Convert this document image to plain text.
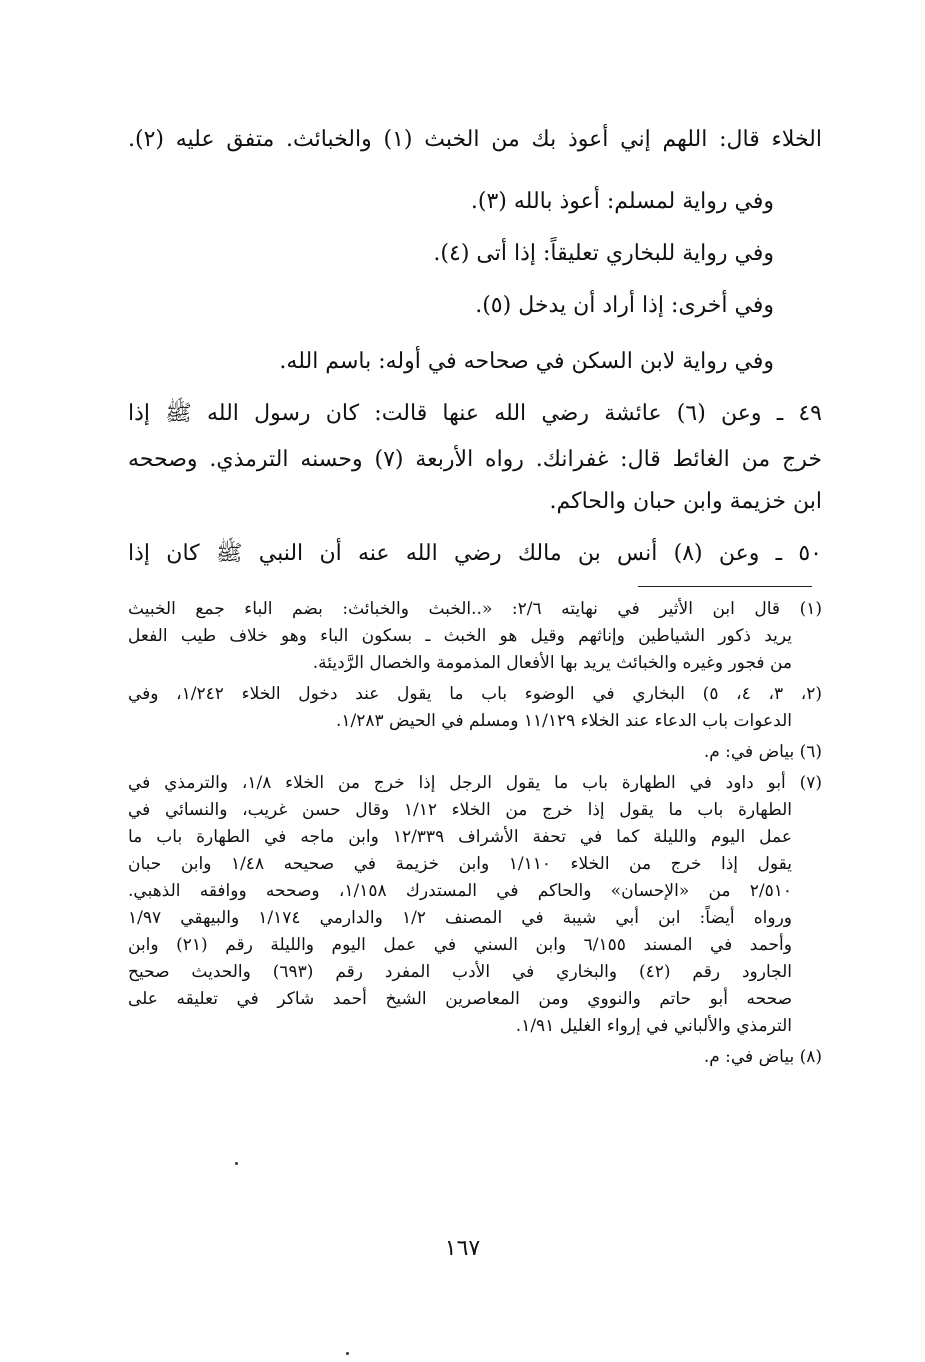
الخلاء قال: اللهم إني أعوذ بك من الخبث (١) والخبائث. متفق عليه (٢).
وفي رواية لمسلم: أعوذ بالله (٣).
وفي رواية للبخاري تعليقاً: إذا أتى (٤).
وفي أخرى: إذا أراد أن يدخل (٥).
وفي رواية لابن السكن في صحاحه في أوله: باسم الله.
٤٩ ـ وعن (٦) عائشة رضي الله عنها قالت: كان رسول الله ﷺ إذا
خرج من الغائط قال: غفرانك. رواه الأربعة (٧) وحسنه الترمذي. وصححه
ابن خزيمة وابن حبان والحاكم.
٥٠ ـ وعن (٨) أنس بن مالك رضي الله عنه أن النبي ﷺ كان إذا
(١) قال ابن الأثير في نهايته ٢/٦: «..الخبث والخبائث: بضم الباء جمع الخبيث
يريد ذكور الشياطين وإناثهم وقيل هو الخبث ـ بسكون الباء وهو خلاف طيب الفعل
من فجور وغيره والخبائث يريد بها الأفعال المذمومة والخصال الرَّديئة.
(٢، ٣، ٤، ٥) البخاري في الوضوء باب ما يقول عند دخول الخلاء ١/٢٤٢، وفي
الدعوات باب الدعاء عند الخلاء ١١/١٢٩ ومسلم في الحيض ١/٢٨٣.
(٦) بياض في: م.
(٧) أبو داود في الطهارة باب ما يقول الرجل إذا خرج من الخلاء ١/٨، والترمذي في
الطهارة باب ما يقول إذا خرج من الخلاء ١/١٢ وقال حسن غريب، والنسائي في
عمل اليوم والليلة كما في تحفة الأشراف ١٢/٣٣٩ وابن ماجه في الطهارة باب ما
يقول إذا خرج من الخلاء ١/١١٠ وابن خزيمة في صحيحه ١/٤٨ وابن حبان
٢/٥١٠ من «الإحسان» والحاكم في المستدرك ١/١٥٨، وصححه ووافقه الذهبي.
ورواه أيضاً: ابن أبي شيبة في المصنف ١/٢ والدارمي ١/١٧٤ والبيهقي ١/٩٧
وأحمد في المسند ٦/١٥٥ وابن السني في عمل اليوم والليلة رقم (٢١) وابن
الجارود رقم (٤٢) والبخاري في الأدب المفرد رقم (٦٩٣) والحديث صحيح
صححه أبو حاتم والنووي ومن المعاصرين الشيخ أحمد شاكر في تعليقه على
الترمذي والألباني في إرواء الغليل ١/٩١.
(٨) بياض في: م.
١٦٧
